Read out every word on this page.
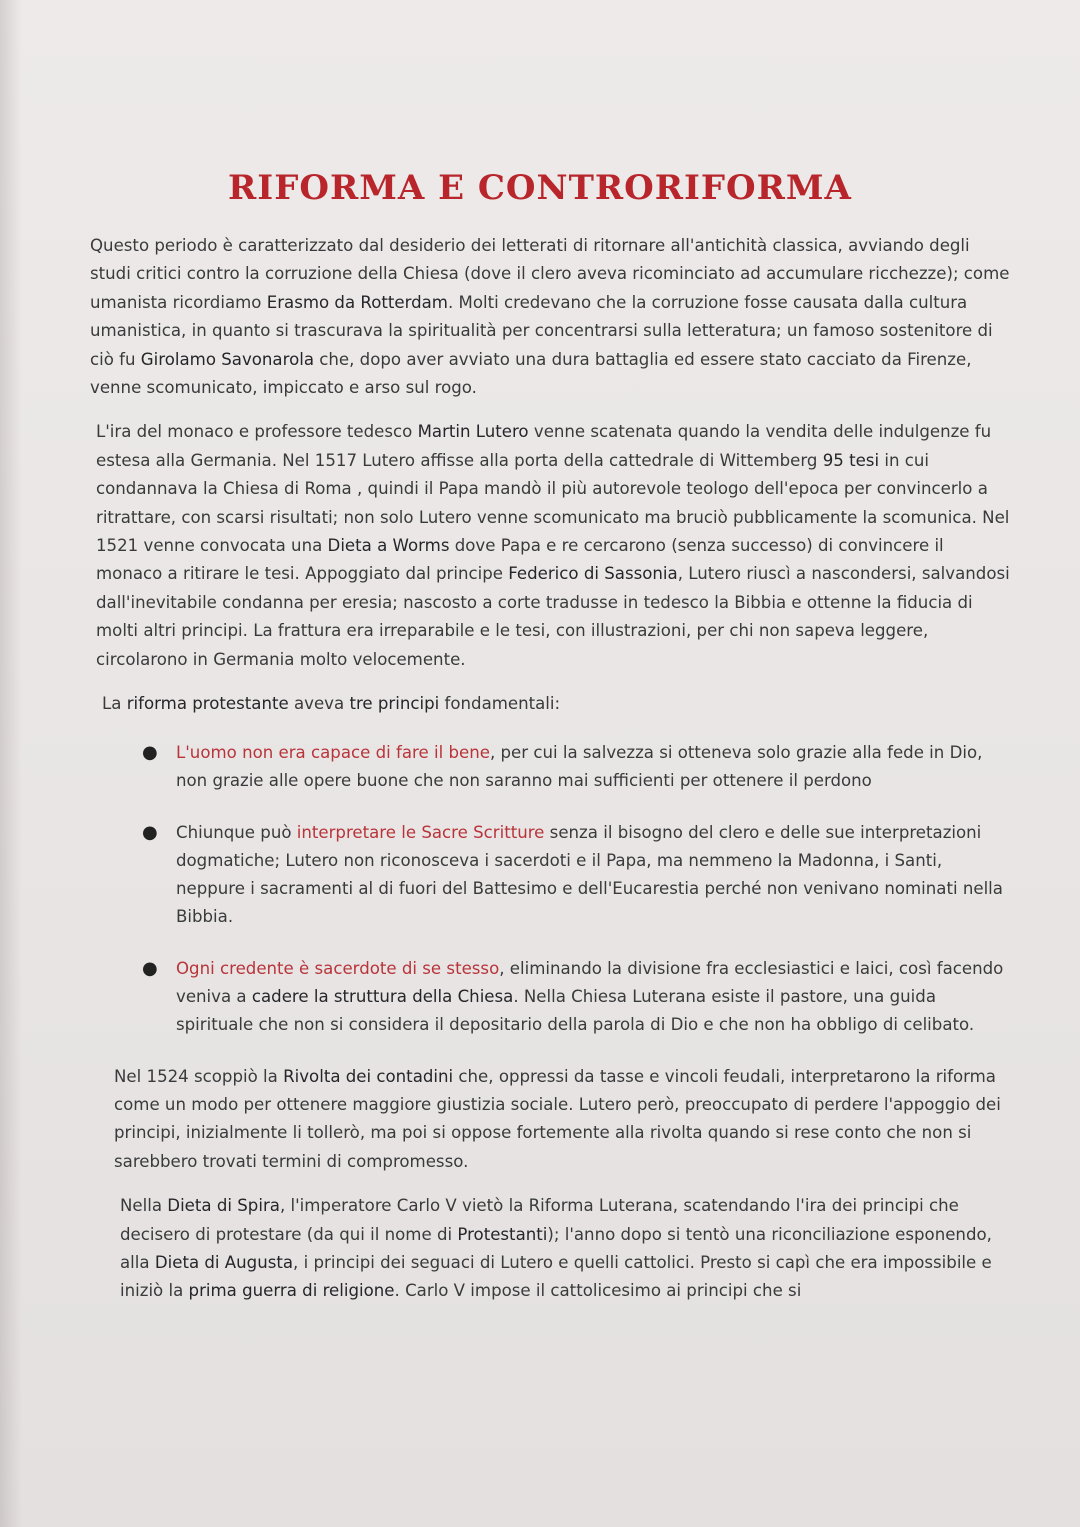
RIFORMA E CONTRORIFORMA

Questo periodo è caratterizzato dal desiderio dei letterati di ritornare all'antichità classica, avviando degli studi critici contro la corruzione della Chiesa (dove il clero aveva ricominciato ad accumulare ricchezze); come umanista ricordiamo Erasmo da Rotterdam. Molti credevano che la corruzione fosse causata dalla cultura umanistica, in quanto si trascurava la spiritualità per concentrarsi sulla letteratura; un famoso sostenitore di ciò fu Girolamo Savonarola che, dopo aver avviato una dura battaglia ed essere stato cacciato da Firenze, venne scomunicato, impiccato e arso sul rogo.

L'ira del monaco e professore tedesco Martin Lutero venne scatenata quando la vendita delle indulgenze fu estesa alla Germania. Nel 1517 Lutero affisse alla porta della cattedrale di Wittemberg 95 tesi in cui condannava la Chiesa di Roma , quindi il Papa mandò il più autorevole teologo dell'epoca per convincerlo a ritrattare, con scarsi risultati; non solo Lutero venne scomunicato ma bruciò pubblicamente la scomunica. Nel 1521 venne convocata una Dieta a Worms dove Papa e re cercarono (senza successo) di convincere il monaco a ritirare le tesi. Appoggiato dal principe Federico di Sassonia, Lutero riuscì a nascondersi, salvandosi dall'inevitabile condanna per eresia; nascosto a corte tradusse in tedesco la Bibbia e ottenne la fiducia di molti altri principi. La frattura era irreparabile e le tesi, con illustrazioni, per chi non sapeva leggere, circolarono in Germania molto velocemente.

La riforma protestante aveva tre principi fondamentali:

● L'uomo non era capace di fare il bene, per cui la salvezza si otteneva solo grazie alla fede in Dio, non grazie alle opere buone che non saranno mai sufficienti per ottenere il perdono
● Chiunque può interpretare le Sacre Scritture senza il bisogno del clero e delle sue interpretazioni dogmatiche; Lutero non riconosceva i sacerdoti e il Papa, ma nemmeno la Madonna, i Santi, neppure i sacramenti al di fuori del Battesimo e dell'Eucarestia perché non venivano nominati nella Bibbia.
● Ogni credente è sacerdote di se stesso, eliminando la divisione fra ecclesiastici e laici, così facendo veniva a cadere la struttura della Chiesa. Nella Chiesa Luterana esiste il pastore, una guida spirituale che non si considera il depositario della parola di Dio e che non ha obbligo di celibato.

Nel 1524 scoppiò la Rivolta dei contadini che, oppressi da tasse e vincoli feudali, interpretarono la riforma come un modo per ottenere maggiore giustizia sociale. Lutero però, preoccupato di perdere l'appoggio dei principi, inizialmente li tollerò, ma poi si oppose fortemente alla rivolta quando si rese conto che non si sarebbero trovati termini di compromesso.

Nella Dieta di Spira, l'imperatore Carlo V vietò la Riforma Luterana, scatendando l'ira dei principi che decisero di protestare (da qui il nome di Protestanti); l'anno dopo si tentò una riconciliazione esponendo, alla Dieta di Augusta, i principi dei seguaci di Lutero e quelli cattolici. Presto si capì che era impossibile e iniziò la prima guerra di religione. Carlo V impose il cattolicesimo ai principi che si
